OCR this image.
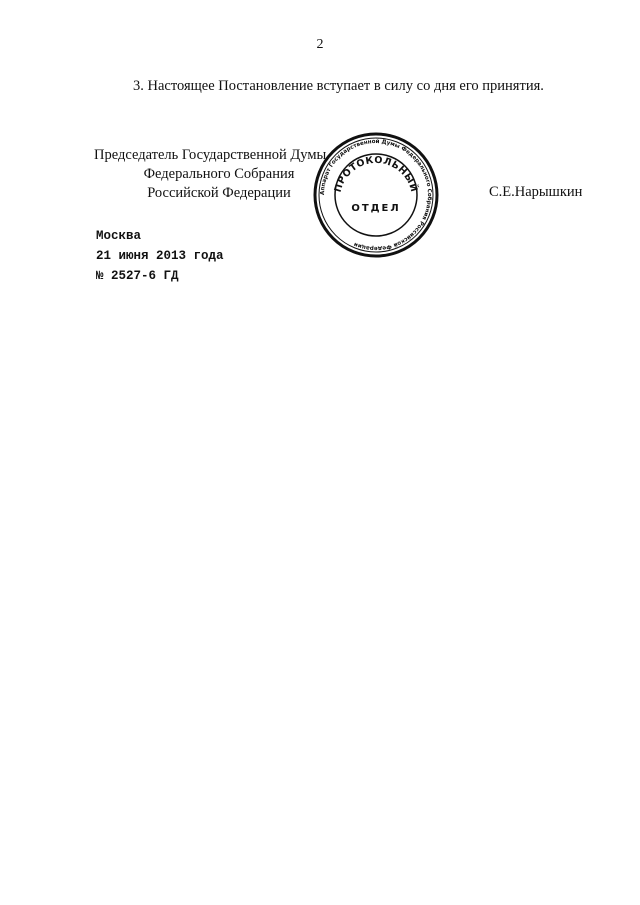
2
3. Настоящее Постановление вступает в силу со дня его принятия.
Председатель Государственной Думы
Федерального Собрания
Российской Федерации	Аппарат Государственной Думы Федерального Собрания Российской Федерации
ПРОТОКОЛЬНЫЙ
ОТДЕЛ
С.Е.Нарышкин
Москва
21 июня 2013 года
№ 2527-6 ГД
